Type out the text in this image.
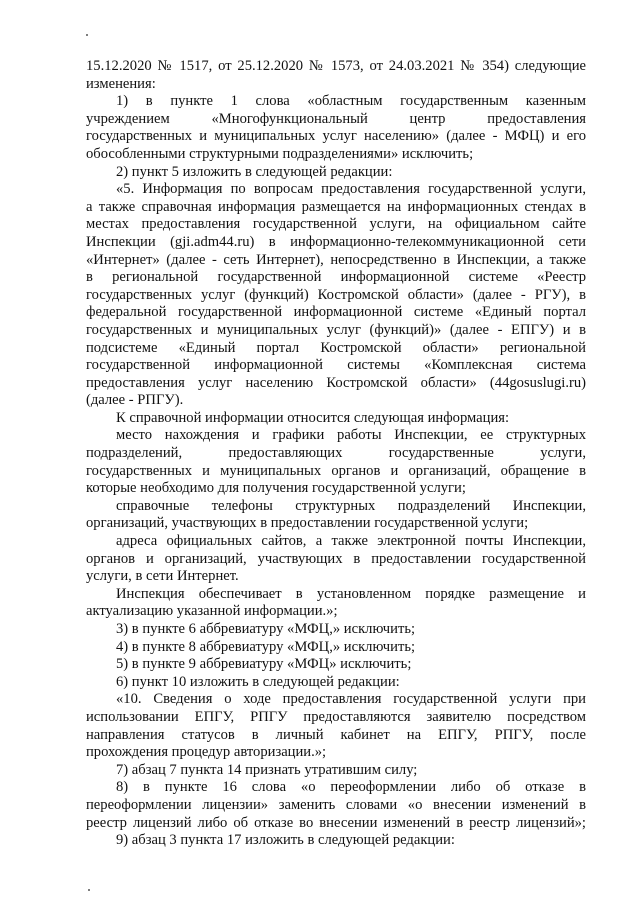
15.12.2020 № 1517, от 25.12.2020 № 1573, от 24.03.2021 № 354) следующие
изменения:
1) в пункте 1 слова «областным государственным казенным
учреждением «Многофункциональный центр предоставления
государственных и муниципальных услуг населению» (далее - МФЦ) и его
обособленными структурными подразделениями» исключить;
2) пункт 5 изложить в следующей редакции:
«5. Информация по вопросам предоставления государственной услуги,
а также справочная информация размещается на информационных стендах в
местах предоставления государственной услуги, на официальном сайте
Инспекции (gji.adm44.ru) в информационно-телекоммуникационной сети
«Интернет» (далее - сеть Интернет), непосредственно в Инспекции, а также
в региональной государственной информационной системе «Реестр
государственных услуг (функций) Костромской области» (далее - РГУ), в
федеральной государственной информационной системе «Единый портал
государственных и муниципальных услуг (функций)» (далее - ЕПГУ) и в
подсистеме «Единый портал Костромской области» региональной
государственной информационной системы «Комплексная система
предоставления услуг населению Костромской области» (44gosuslugi.ru)
(далее - РПГУ).
К справочной информации относится следующая информация:
место нахождения и графики работы Инспекции, ее структурных
подразделений, предоставляющих государственные услуги,
государственных и муниципальных органов и организаций, обращение в
которые необходимо для получения государственной услуги;
справочные телефоны структурных подразделений Инспекции,
организаций, участвующих в предоставлении государственной услуги;
адреса официальных сайтов, а также электронной почты Инспекции,
органов и организаций, участвующих в предоставлении государственной
услуги, в сети Интернет.
Инспекция обеспечивает в установленном порядке размещение и
актуализацию указанной информации.»;
3) в пункте 6 аббревиатуру «МФЦ,» исключить;
4) в пункте 8 аббревиатуру «МФЦ,» исключить;
5) в пункте 9 аббревиатуру «МФЦ» исключить;
6) пункт 10 изложить в следующей редакции:
«10. Сведения о ходе предоставления государственной услуги при
использовании ЕПГУ, РПГУ предоставляются заявителю посредством
направления статусов в личный кабинет на ЕПГУ, РПГУ, после
прохождения процедур авторизации.»;
7) абзац 7 пункта 14 признать утратившим силу;
8) в пункте 16 слова «о переоформлении либо об отказе в
переоформлении лицензии» заменить словами «о внесении изменений в
реестр лицензий либо об отказе во внесении изменений в реестр лицензий»;
9) абзац 3 пункта 17 изложить в следующей редакции:
